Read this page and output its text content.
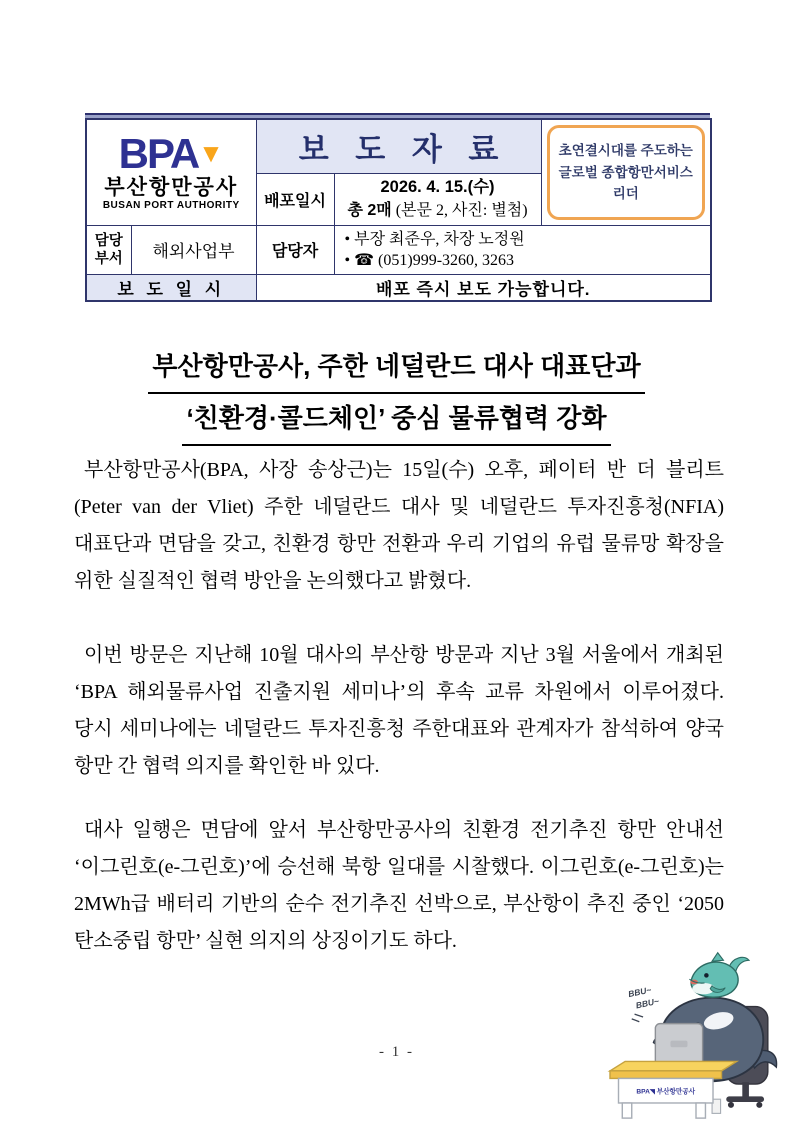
BPA▼
부산항만공사
BUSAN PORT AUTHORITY
	보 도 자 료	초연결시대를 주도하는
글로벌 종합항만서비스 리더

		배포일시	2026. 4. 15.(수)
총 2매 (본문 2, 사진: 별첨)	

담당
부서	해외사업부	담당자	
• 부장 최준우, 차장 노정원
• ☎ (051)999-3260, 3263

보 도 일 시		배포 즉시 보도 가능합니다.		
부산항만공사, 주한 네덜란드 대사 대표단과
‘친환경·콜드체인’ 중심 물류협력 강화

부산항만공사(BPA, 사장 송상근)는 15일(수) 오후, 페이터 반 더 블리트(Peter van der Vliet) 주한 네덜란드 대사 및 네덜란드 투자진흥청(NFIA) 대표단과 면담을 갖고, 친환경 항만 전환과 우리 기업의 유럽 물류망 확장을 위한 실질적인 협력 방안을 논의했다고 밝혔다.

이번 방문은 지난해 10월 대사의 부산항 방문과 지난 3월 서울에서 개최된 ‘BPA 해외물류사업 진출지원 세미나’의 후속 교류 차원에서 이루어졌다. 당시 세미나에는 네덜란드 투자진흥청 주한대표와 관계자가 참석하여 양국 항만 간 협력 의지를 확인한 바 있다.

대사 일행은 면담에 앞서 부산항만공사의 친환경 전기추진 항만 안내선 ‘이그린호(e-그린호)’에 승선해 북항 일대를 시찰했다. 이그린호(e-그린호)는 2MWh급 배터리 기반의 순수 전기추진 선박으로, 부산항이 추진 중인 ‘2050 탄소중립 항만’ 실현 의지의 상징이기도 하다.

- 1 -
BPA◥ 부산항만공사
BBU~
BBU~
